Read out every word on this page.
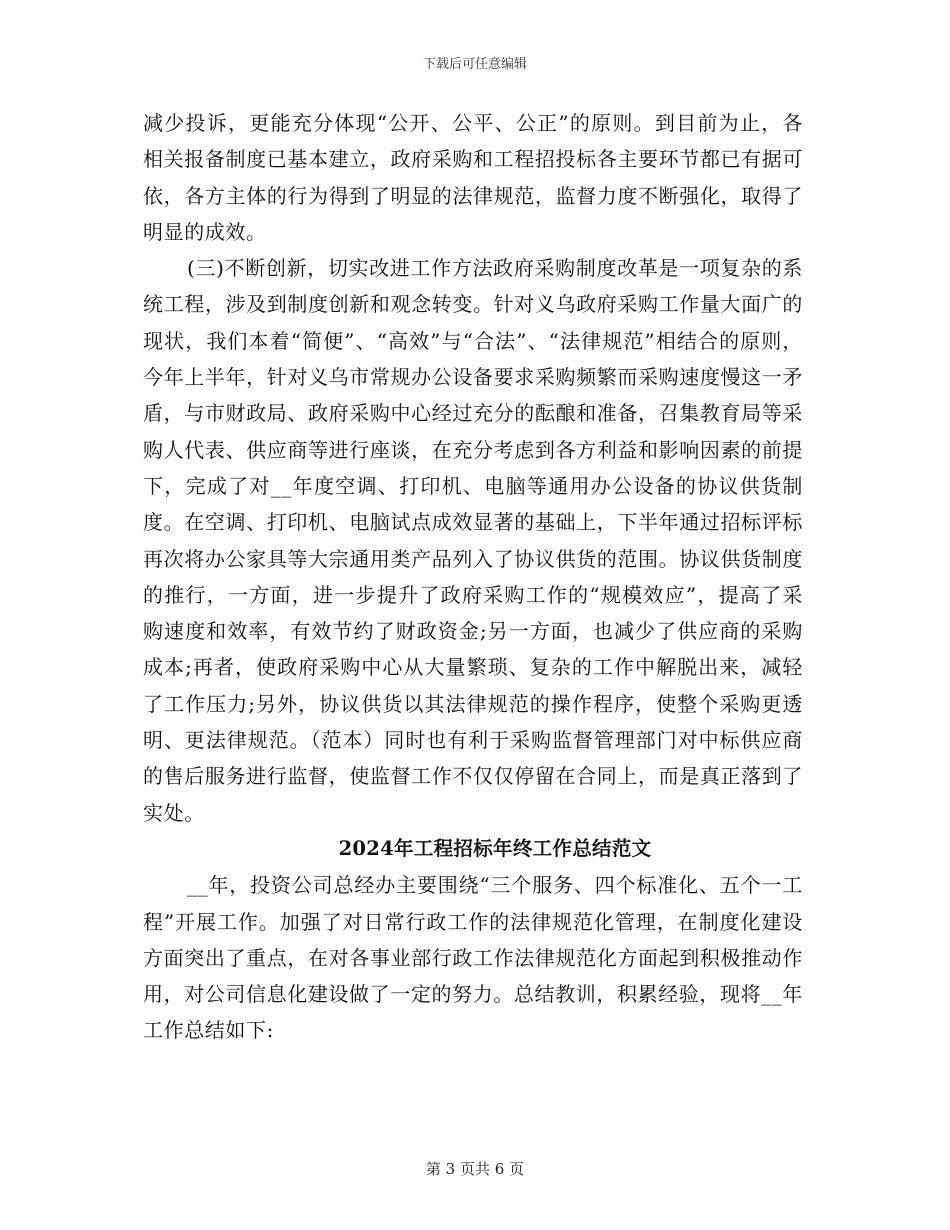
下载后可任意编辑

减少投诉，更能充分体现“公开、公平、公正”的原则。到目前为止，各相关报备制度已基本建立，政府采购和工程招投标各主要环节都已有据可依，各方主体的行为得到了明显的法律规范，监督力度不断强化，取得了明显的成效。

(三)不断创新，切实改进工作方法政府采购制度改革是一项复杂的系统工程，涉及到制度创新和观念转变。针对义乌政府采购工作量大面广的现状，我们本着“简便”、“高效”与“合法”、“法律规范”相结合的原则，今年上半年，针对义乌市常规办公设备要求采购频繁而采购速度慢这一矛盾，与市财政局、政府采购中心经过充分的酝酿和准备，召集教育局等采购人代表、供应商等进行座谈，在充分考虑到各方利益和影响因素的前提下，完成了对__年度空调、打印机、电脑等通用办公设备的协议供货制度。在空调、打印机、电脑试点成效显著的基础上，下半年通过招标评标再次将办公家具等大宗通用类产品列入了协议供货的范围。协议供货制度的推行，一方面，进一步提升了政府采购工作的“规模效应”，提高了采购速度和效率，有效节约了财政资金;另一方面，也减少了供应商的采购成本;再者，使政府采购中心从大量繁琐、复杂的工作中解脱出来，减轻了工作压力;另外，协议供货以其法律规范的操作程序，使整个采购更透明、更法律规范。（范本）同时也有利于采购监督管理部门对中标供应商的售后服务进行监督，使监督工作不仅仅停留在合同上，而是真正落到了实处。

2024年工程招标年终工作总结范文

__年，投资公司总经办主要围绕“三个服务、四个标准化、五个一工程”开展工作。加强了对日常行政工作的法律规范化管理，在制度化建设方面突出了重点，在对各事业部行政工作法律规范化方面起到积极推动作用，对公司信息化建设做了一定的努力。总结教训，积累经验，现将__年工作总结如下:

第 3 页共 6 页
